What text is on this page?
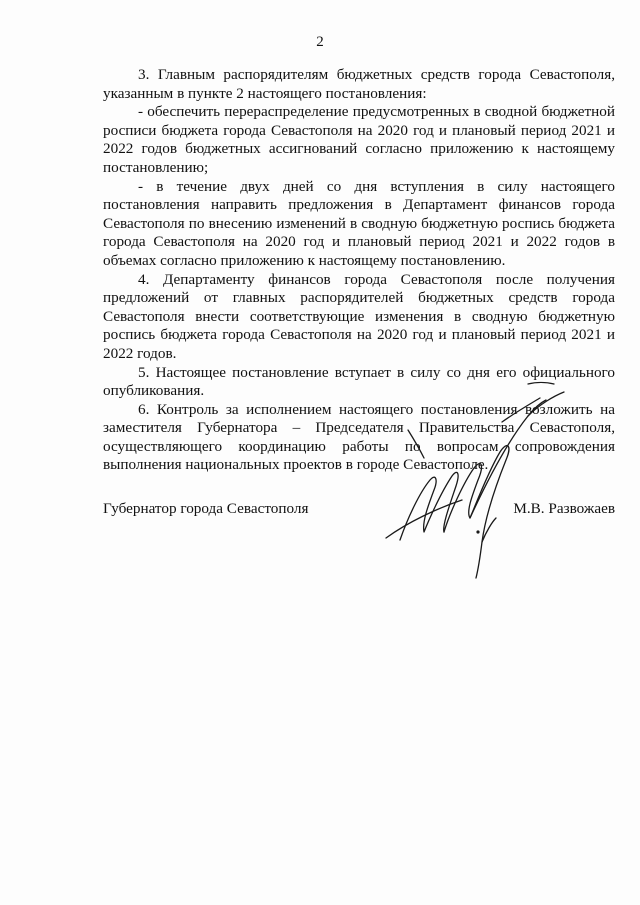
2

3. Главным распорядителям бюджетных средств города Севастополя, указанным в пункте 2 настоящего постановления:

- обеспечить перераспределение предусмотренных в сводной бюджетной росписи бюджета города Севастополя на 2020 год и плановый период 2021 и 2022 годов бюджетных ассигнований согласно приложению к настоящему постановлению;

- в течение двух дней со дня вступления в силу настоящего постановления направить предложения в Департамент финансов города Севастополя по внесению изменений в сводную бюджетную роспись бюджета города Севастополя на 2020 год и плановый период 2021 и 2022 годов в объемах согласно приложению к настоящему постановлению.

4. Департаменту финансов города Севастополя после получения предложений от главных распорядителей бюджетных средств города Севастополя внести соответствующие изменения в сводную бюджетную роспись бюджета города Севастополя на 2020 год и плановый период 2021 и 2022 годов.

5. Настоящее постановление вступает в силу со дня его официального опубликования.

6. Контроль за исполнением настоящего постановления возложить на заместителя Губернатора – Председателя Правительства Севастополя, осуществляющего координацию работы по вопросам сопровождения выполнения национальных проектов в городе Севастополе.

Губернатор города Севастополя	М.В. Развожаев
